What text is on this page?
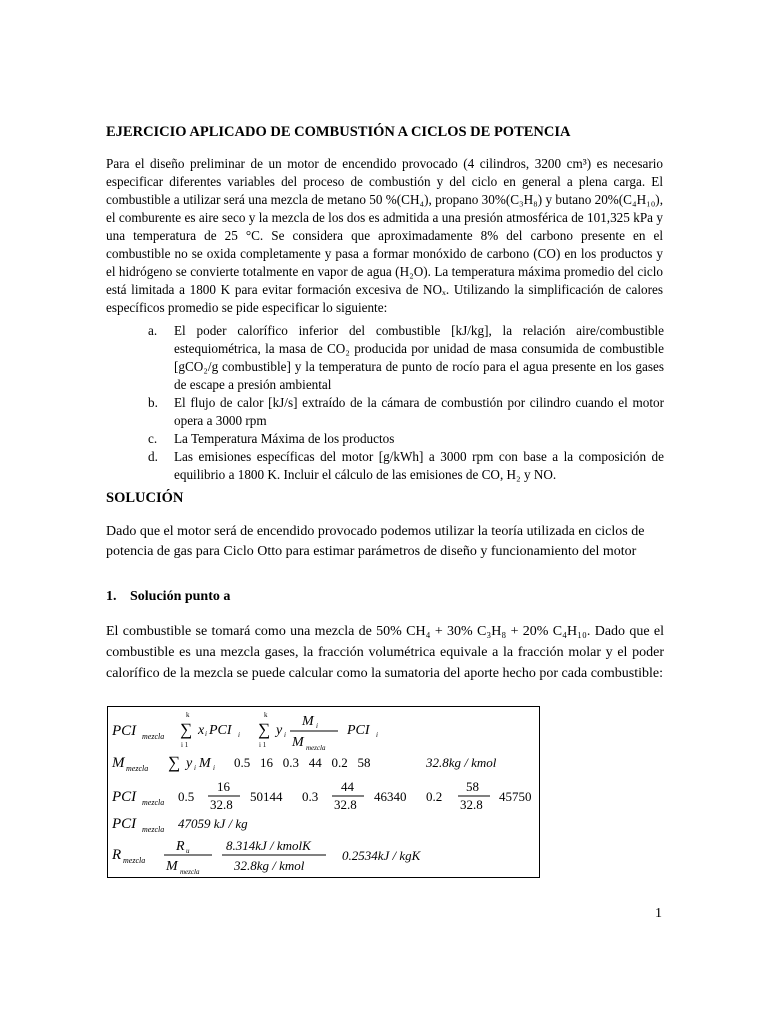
EJERCICIO APLICADO DE COMBUSTIÓN A CICLOS DE POTENCIA
Para el diseño preliminar de un motor de encendido provocado (4 cilindros, 3200 cm³) es necesario especificar diferentes variables del proceso de combustión y del ciclo en general a plena carga. El combustible a utilizar será una mezcla de metano 50 %(CH₄), propano 30%(C₃H₈) y butano 20%(C₄H₁₀), el comburente es aire seco y la mezcla de los dos es admitida a una presión atmosférica de 101,325 kPa y una temperatura de 25 °C. Se considera que aproximadamente 8% del carbono presente en el combustible no se oxida completamente y pasa a formar monóxido de carbono (CO) en los productos y el hidrógeno se convierte totalmente en vapor de agua (H₂O). La temperatura máxima promedio del ciclo está limitada a 1800 K para evitar formación excesiva de NOₓ. Utilizando la simplificación de calores específicos promedio se pide especificar lo siguiente:
a. El poder calorífico inferior del combustible [kJ/kg], la relación aire/combustible estequiométrica, la masa de CO₂ producida por unidad de masa consumida de combustible [gCO₂/g combustible] y la temperatura de punto de rocío para el agua presente en los gases de escape a presión ambiental
b. El flujo de calor [kJ/s] extraído de la cámara de combustión por cilindro cuando el motor opera a 3000 rpm
c. La Temperatura Máxima de los productos
d. Las emisiones específicas del motor [g/kWh] a 3000 rpm con base a la composición de equilibrio a 1800 K. Incluir el cálculo de las emisiones de CO, H₂ y NO.
SOLUCIÓN
Dado que el motor será de encendido provocado podemos utilizar la teoría utilizada en ciclos de potencia de gas para Ciclo Otto para estimar parámetros de diseño y funcionamiento del motor
1. Solución punto a
El combustible se tomará como una mezcla de 50% CH₄ + 30% C₃H₈ + 20% C₄H₁₀. Dado que el combustible es una mezcla gases, la fracción volumétrica equivale a la fracción molar y el poder calorífico de la mezcla se puede calcular como la sumatoria del aporte hecho por cada combustible:
PCI mezcla
k
∑
i 1
x i PCI i
k
∑
i 1
y i
M i
M mezcla
PCI i
M mezcla ∑ y i M i 0.5   16   0.3   44   0.2   58	32.8kg / kmol
PCI mezcla 0.5
16
32.8
50144 0.3
44
32.8
46340 0.2
58
32.8
45750
PCI mezcla 47059 kJ / kg
R mezcla
R u
M mezcla
8.314kJ / kmolK
32.8kg / kmol
0.2534kJ / kgK
1
